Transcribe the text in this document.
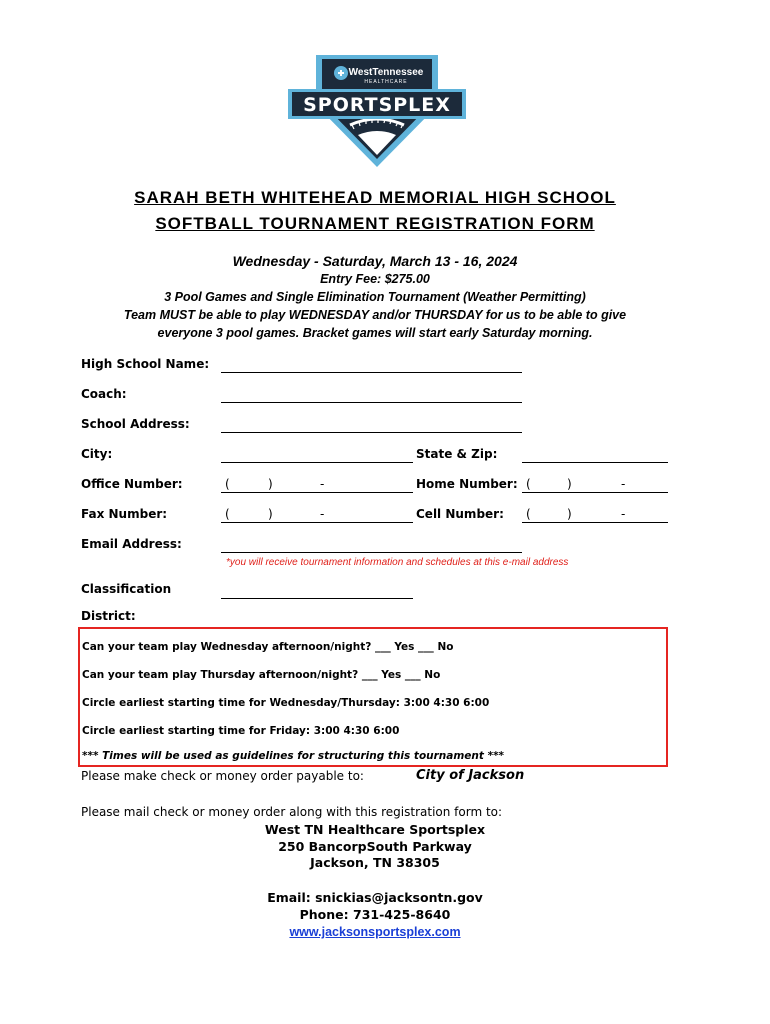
SPORTSPLEX
WestTennessee
HEALTHCARE
SARAH BETH WHITEHEAD MEMORIAL HIGH SCHOOL
SOFTBALL TOURNAMENT REGISTRATION FORM
Wednesday - Saturday, March 13 - 16, 2024
Entry Fee: $275.00
3 Pool Games and Single Elimination Tournament (Weather Permitting)
Team MUST be able to play WEDNESDAY and/or THURSDAY for us to be able to give
everyone 3 pool games. Bracket games will start early Saturday morning.
High School Name:
Coach:
School Address:
City:	State & Zip:
Office Number:	(	)	-	Home Number: (	)	-
Fax Number:	(	)	-	Cell Number: (	)	-
Email Address:
*you will receive tournament information and schedules at this e-mail address
Classification
District:
Can your team play Wednesday afternoon/night? ___ Yes ___ No
Can your team play Thursday afternoon/night? ___ Yes ___ No
Circle earliest starting time for Wednesday/Thursday: 3:00 4:30 6:00
Circle earliest starting time for Friday: 3:00 4:30 6:00
*** Times will be used as guidelines for structuring this tournament ***
Please make check or money order payable to:	City of Jackson
Please mail check or money order along with this registration form to:
West TN Healthcare Sportsplex
250 BancorpSouth Parkway
Jackson, TN 38305
Email: snickias@jacksontn.gov
Phone: 731-425-8640
www.jacksonsportsplex.com
